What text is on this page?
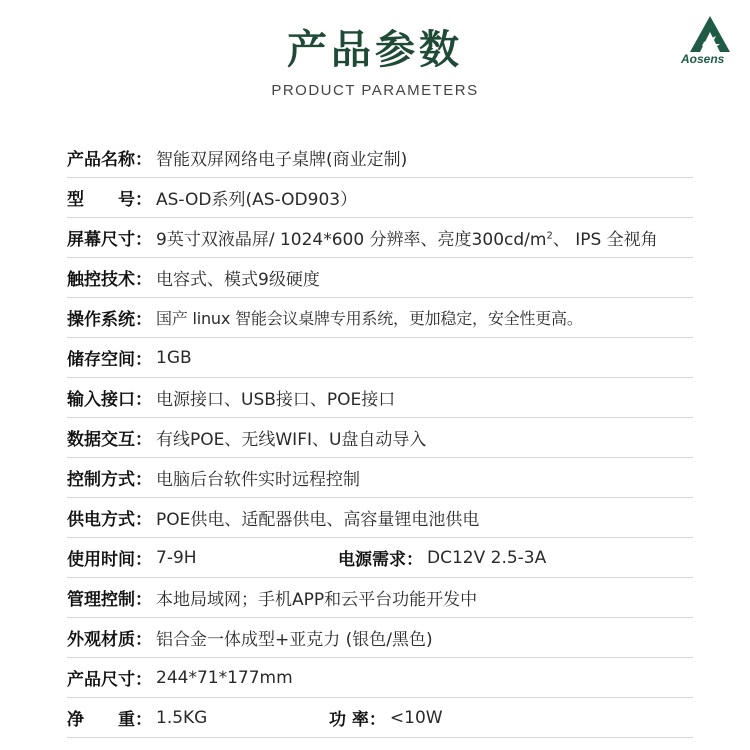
产品参数
PRODUCT PARAMETERS
Aosens
产品名称： 智能双屏网络电子桌牌(商业定制)
型　　号： AS-OD系列(AS-OD903）
屏幕尺寸： 9英寸双液晶屏/ 1024*600 分辨率、亮度$300cd/m^2$、 IPS 全视角
触控技术： 电容式、模式9级硬度
操作系统： 国产 linux 智能会议桌牌专用系统，更加稳定，安全性更高。
储存空间： 1GB
输入接口： 电源接口、USB接口、POE接口
数据交互： 有线POE、无线WIFI、U盘自动导入
控制方式： 电脑后台软件实时远程控制
供电方式： POE供电、适配器供电、高容量锂电池供电
使用时间： 7-9H	电源需求： DC12V 2.5-3A
管理控制： 本地局域网；手机APP和云平台功能开发中
外观材质： 铝合金一体成型+亚克力 (银色/黑色)
产品尺寸： 244*71*177mm
净　　重： 1.5KG	功 率： <10W
